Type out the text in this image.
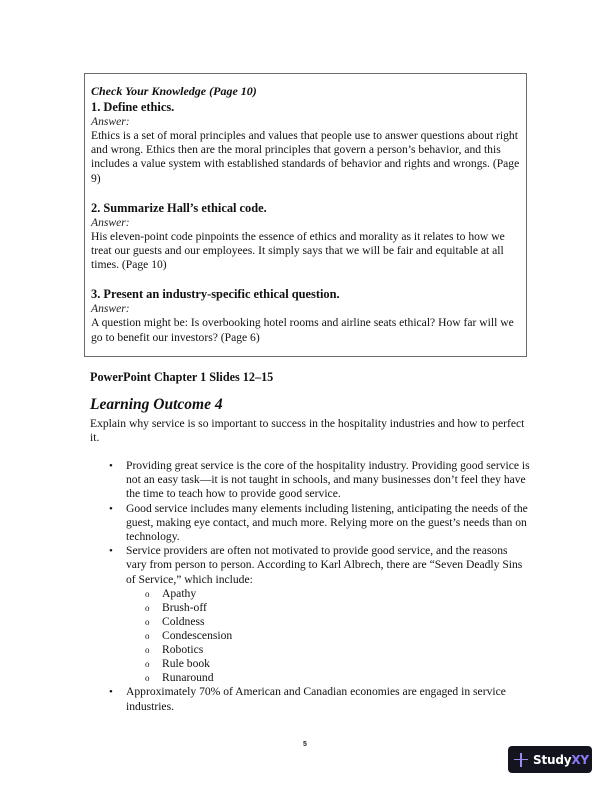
Check Your Knowledge (Page 10)
1. Define ethics.
Answer:
Ethics is a set of moral principles and values that people use to answer questions about right and wrong. Ethics then are the moral principles that govern a person’s behavior, and this includes a value system with established standards of behavior and rights and wrongs. (Page 9)
2. Summarize Hall’s ethical code.
Answer:
His eleven-point code pinpoints the essence of ethics and morality as it relates to how we treat our guests and our employees. It simply says that we will be fair and equitable at all times. (Page 10)
3. Present an industry-specific ethical question.
Answer:
A question might be: Is overbooking hotel rooms and airline seats ethical? How far will we go to benefit our investors? (Page 6)
PowerPoint Chapter 1 Slides 12–15
Learning Outcome 4
Explain why service is so important to success in the hospitality industries and how to perfect it.
• Providing great service is the core of the hospitality industry. Providing good service is not an easy task—it is not taught in schools, and many businesses don’t feel they have the time to teach how to provide good service.
• Good service includes many elements including listening, anticipating the needs of the guest, making eye contact, and much more. Relying more on the guest’s needs than on technology.
• Service providers are often not motivated to provide good service, and the reasons vary from person to person. According to Karl Albrech, there are “Seven Deadly Sins of Service,” which include:
o Apathy
o Brush-off
o Coldness
o Condescension
o Robotics
o Rule book
o Runaround
• Approximately 70% of American and Canadian economies are engaged in service industries.
5
StudyXY
